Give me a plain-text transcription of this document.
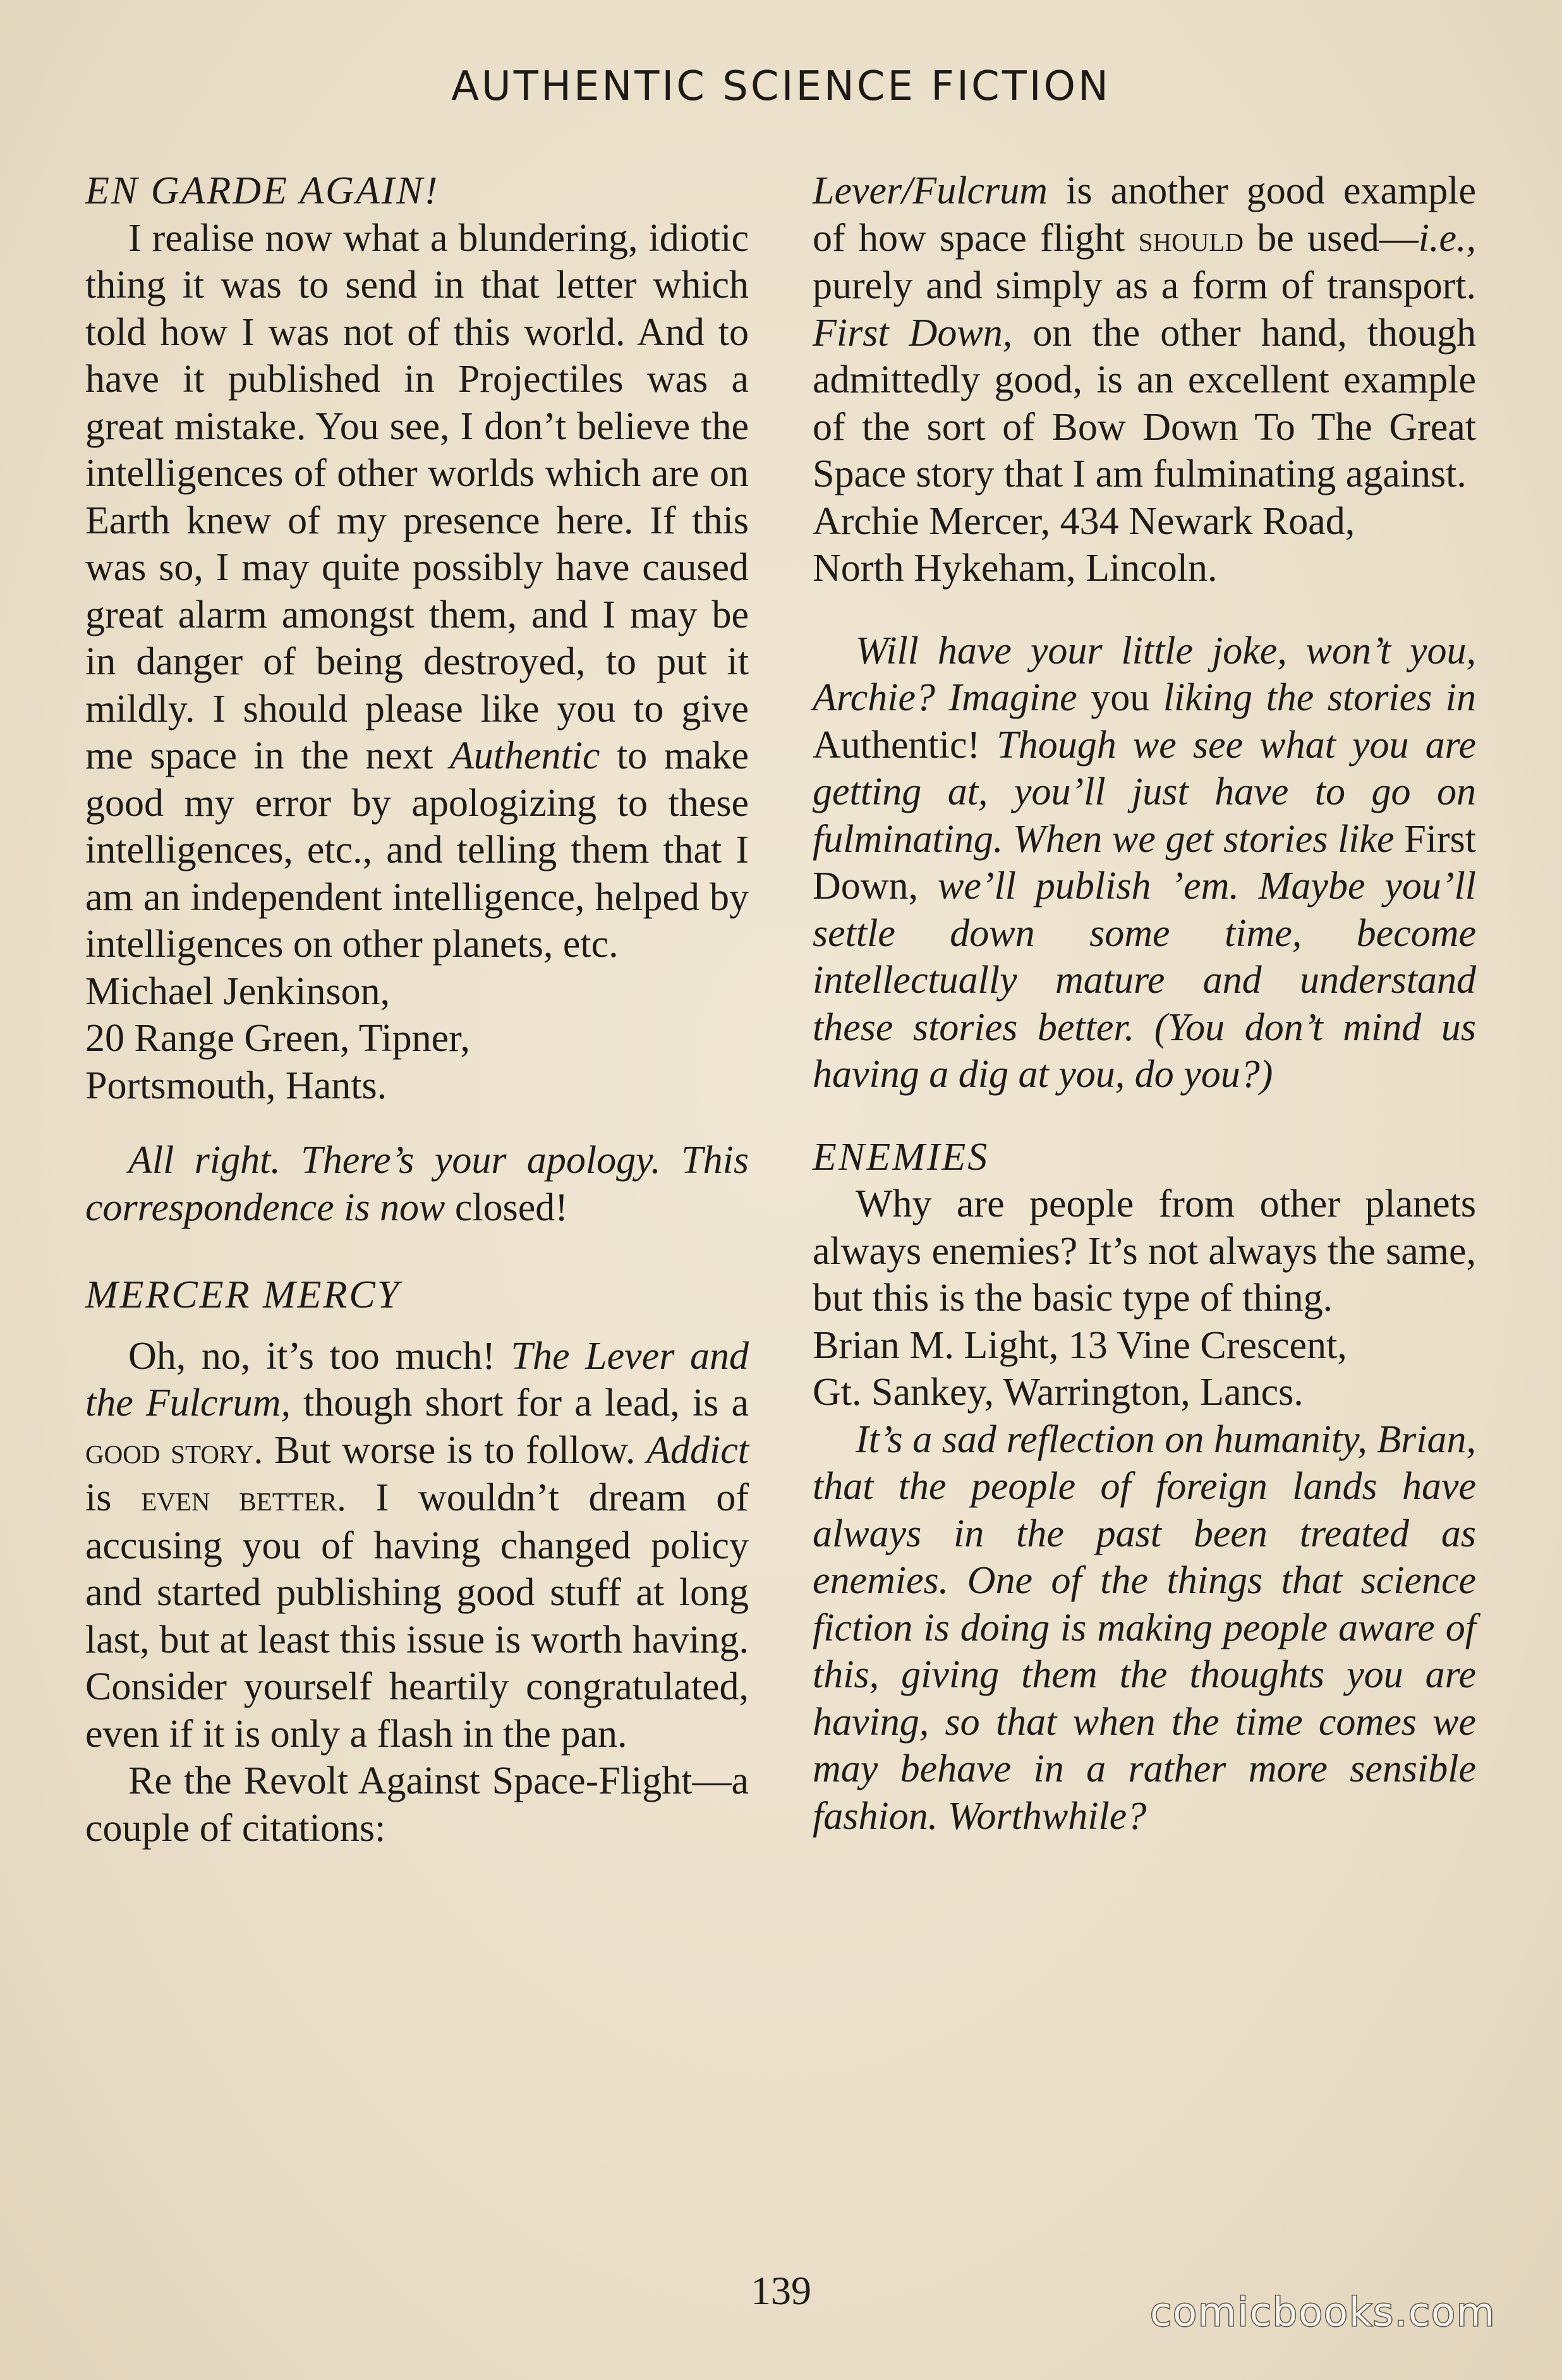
AUTHENTIC SCIENCE FICTION
EN GARDE AGAIN!

I realise now what a blundering, idiotic thing it was to send in that letter which told how I was not of this world. And to have it published in Projectiles was a great mistake. You see, I don’t believe the intelligences of other worlds which are on Earth knew of my presence here. If this was so, I may quite possibly have caused great alarm amongst them, and I may be in danger of being destroyed, to put it mildly. I should please like you to give me space in the next Authentic to make good my error by apologizing to these intelligences, etc., and telling them that I am an independent intelligence, helped by intelligences on other planets, etc.

Michael Jenkinson,

20 Range Green, Tipner,

Portsmouth, Hants.

All right. There’s your apology. This correspondence is now closed!

MERCER MERCY

Oh, no, it’s too much! The Lever and the Fulcrum, though short for a lead, is a good story. But worse is to follow. Addict is even better. I wouldn’t dream of accusing you of having changed policy and started publishing good stuff at long last, but at least this issue is worth having. Consider yourself heartily congratulated, even if it is only a flash in the pan.

Re the Revolt Against Space-Flight—a couple of citations:

Lever/Fulcrum is another good example of how space flight should be used—i.e., purely and simply as a form of transport. First Down, on the other hand, though admittedly good, is an excellent example of the sort of Bow Down To The Great Space story that I am fulminating against.

Archie Mercer, 434 Newark Road,

North Hykeham, Lincoln.

Will have your little joke, won’t you, Archie? Imagine you liking the stories in Authentic! Though we see what you are getting at, you’ll just have to go on fulminating. When we get stories like First Down, we’ll publish ’em. Maybe you’ll settle down some time, become intellectually mature and understand these stories better. (You don’t mind us having a dig at you, do you?)

ENEMIES

Why are people from other planets always enemies? It’s not always the same, but this is the basic type of thing.

Brian M. Light, 13 Vine Crescent,

Gt. Sankey, Warrington, Lancs.

It’s a sad reflection on humanity, Brian, that the people of foreign lands have always in the past been treated as enemies. One of the things that science fiction is doing is making people aware of this, giving them the thoughts you are having, so that when the time comes we may behave in a rather more sensible fashion. Worthwhile?

139	comicbooks.com
